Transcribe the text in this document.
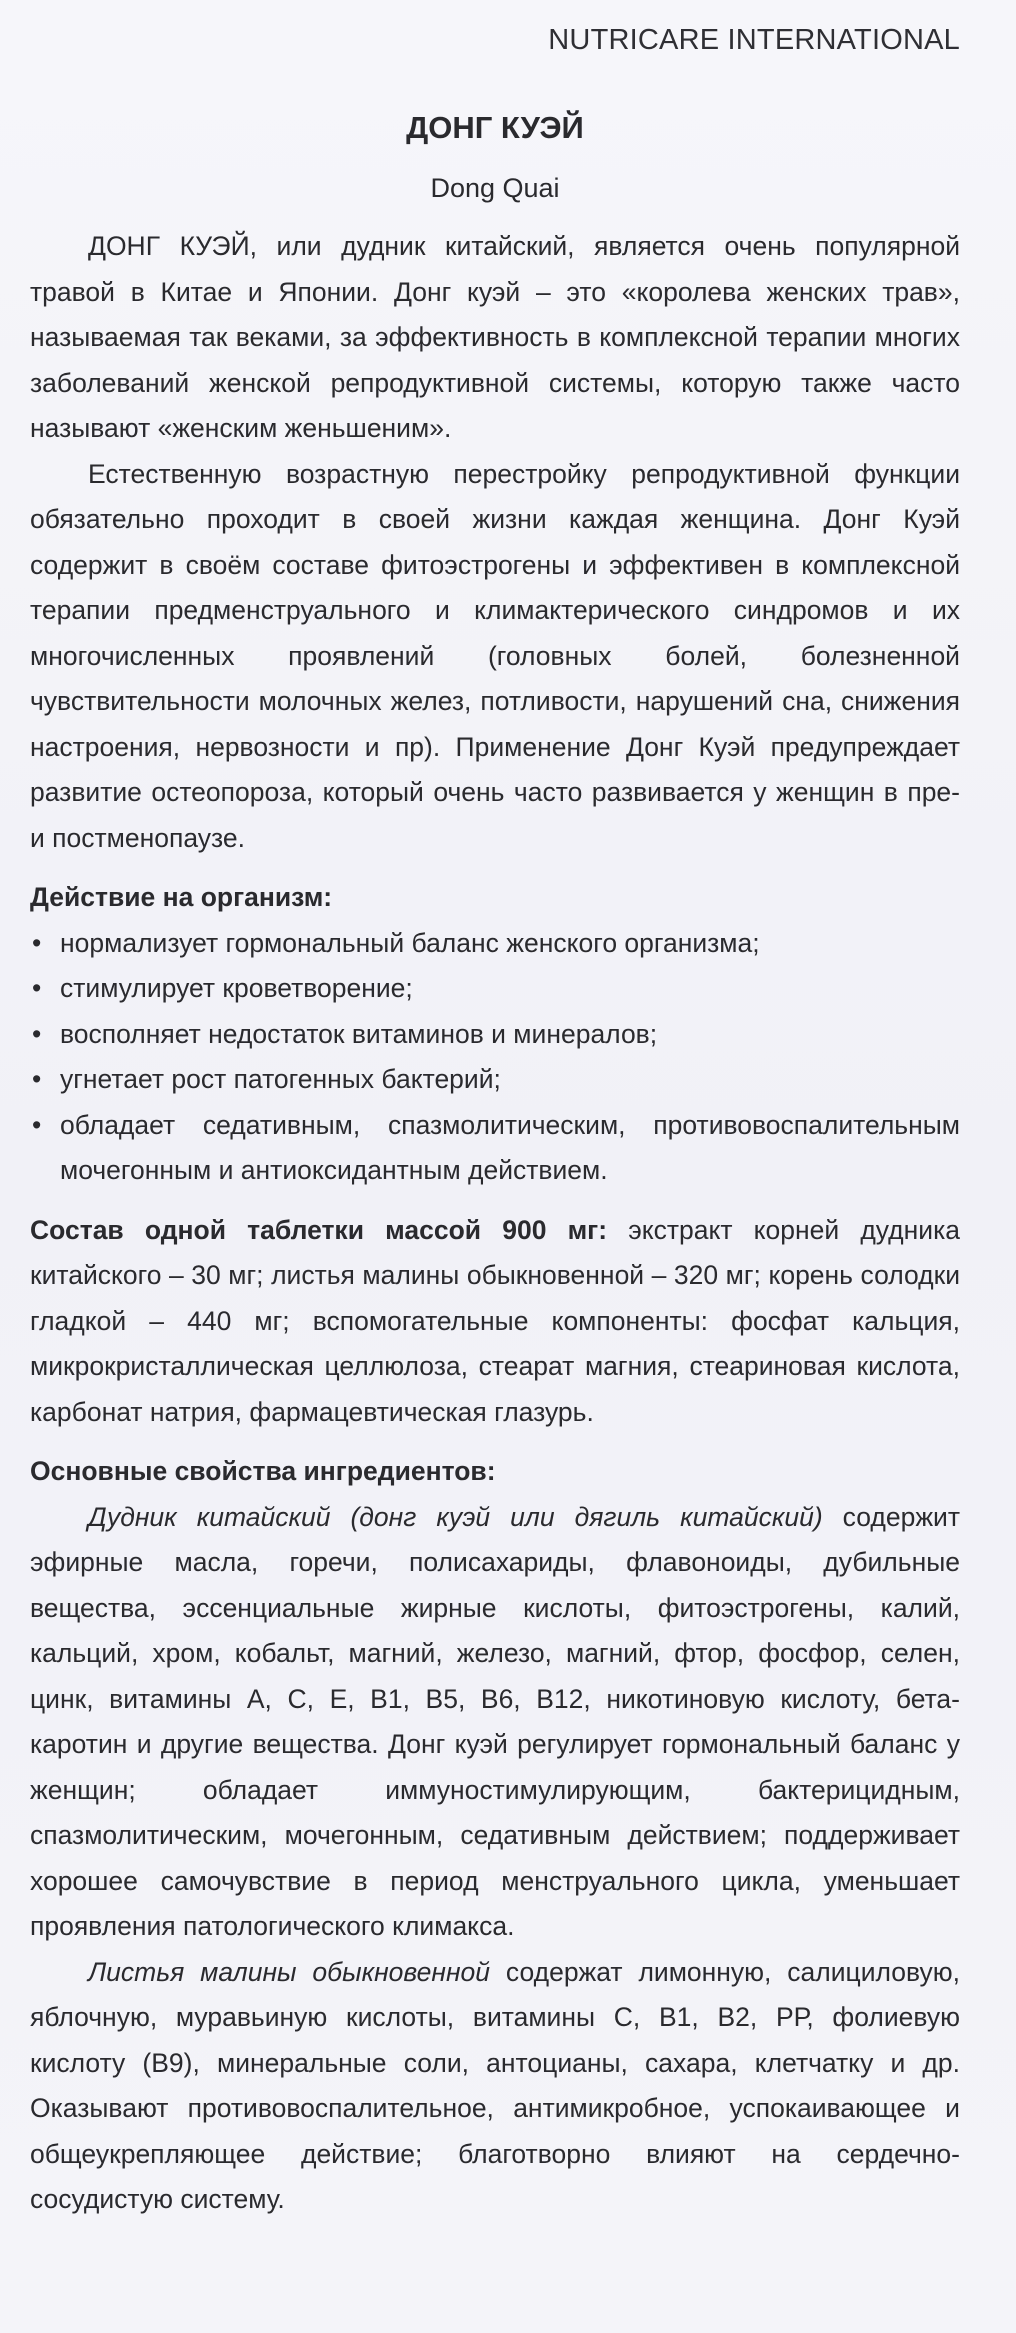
NUTRICARE INTERNATIONAL
ДОНГ КУЭЙ
Dong Quai

ДОНГ КУЭЙ, или дудник китайский, является очень популярной травой в Китае и Японии. Донг куэй – это «королева женских трав», называемая так веками, за эффективность в комплексной терапии многих заболеваний женской репродуктивной системы, которую также часто называют «женским женьшеним».

Естественную возрастную перестройку репродуктивной функции обязательно проходит в своей жизни каждая женщина. Донг Куэй содержит в своём составе фитоэстрогены и эффективен в комплексной терапии предменструального и климактерического синдромов и их многочисленных проявлений (головных болей, болезненной чувствительности молочных желез, потливости, нарушений сна, снижения настроения, нервозности и пр). Применение Донг Куэй предупреждает развитие остеопороза, который очень часто развивается у женщин в пре- и постменопаузе.

Действие на организм:
• нормализует гормональный баланс женского организма;
• стимулирует кроветворение;
• восполняет недостаток витаминов и минералов;
• угнетает рост патогенных бактерий;
• обладает седативным, спазмолитическим, противовоспалительным мочегонным и антиоксидантным действием.

Состав одной таблетки массой 900 мг: экстракт корней дудника китайского – 30 мг; листья малины обыкновенной – 320 мг; корень солодки гладкой – 440 мг; вспомогательные компоненты: фосфат кальция, микрокристаллическая целлюлоза, стеарат магния, стеариновая кислота, карбонат натрия, фармацевтическая глазурь.

Основные свойства ингредиентов:

Дудник китайский (донг куэй или дягиль китайский) содержит эфирные масла, горечи, полисахариды, флавоноиды, дубильные вещества, эссенциальные жирные кислоты, фитоэстрогены, калий, кальций, хром, кобальт, магний, железо, магний, фтор, фосфор, селен, цинк, витамины А, С, Е, В1, В5, В6, В12, никотиновую кислоту, бета-каротин и другие вещества. Донг куэй регулирует гормональный баланс у женщин; обладает иммуностимулирующим, бактерицидным, спазмолитическим, мочегонным, седативным действием; поддерживает хорошее самочувствие в период менструального цикла, уменьшает проявления патологического климакса.

Листья малины обыкновенной содержат лимонную, салициловую, яблочную, муравьиную кислоты, витамины С, В1, В2, РР, фолиевую кислоту (В9), минеральные соли, антоцианы, сахара, клетчатку и др. Оказывают противовоспалительное, антимикробное, успокаивающее и общеукрепляющее действие; благотворно влияют на сердечно-сосудистую систему.
